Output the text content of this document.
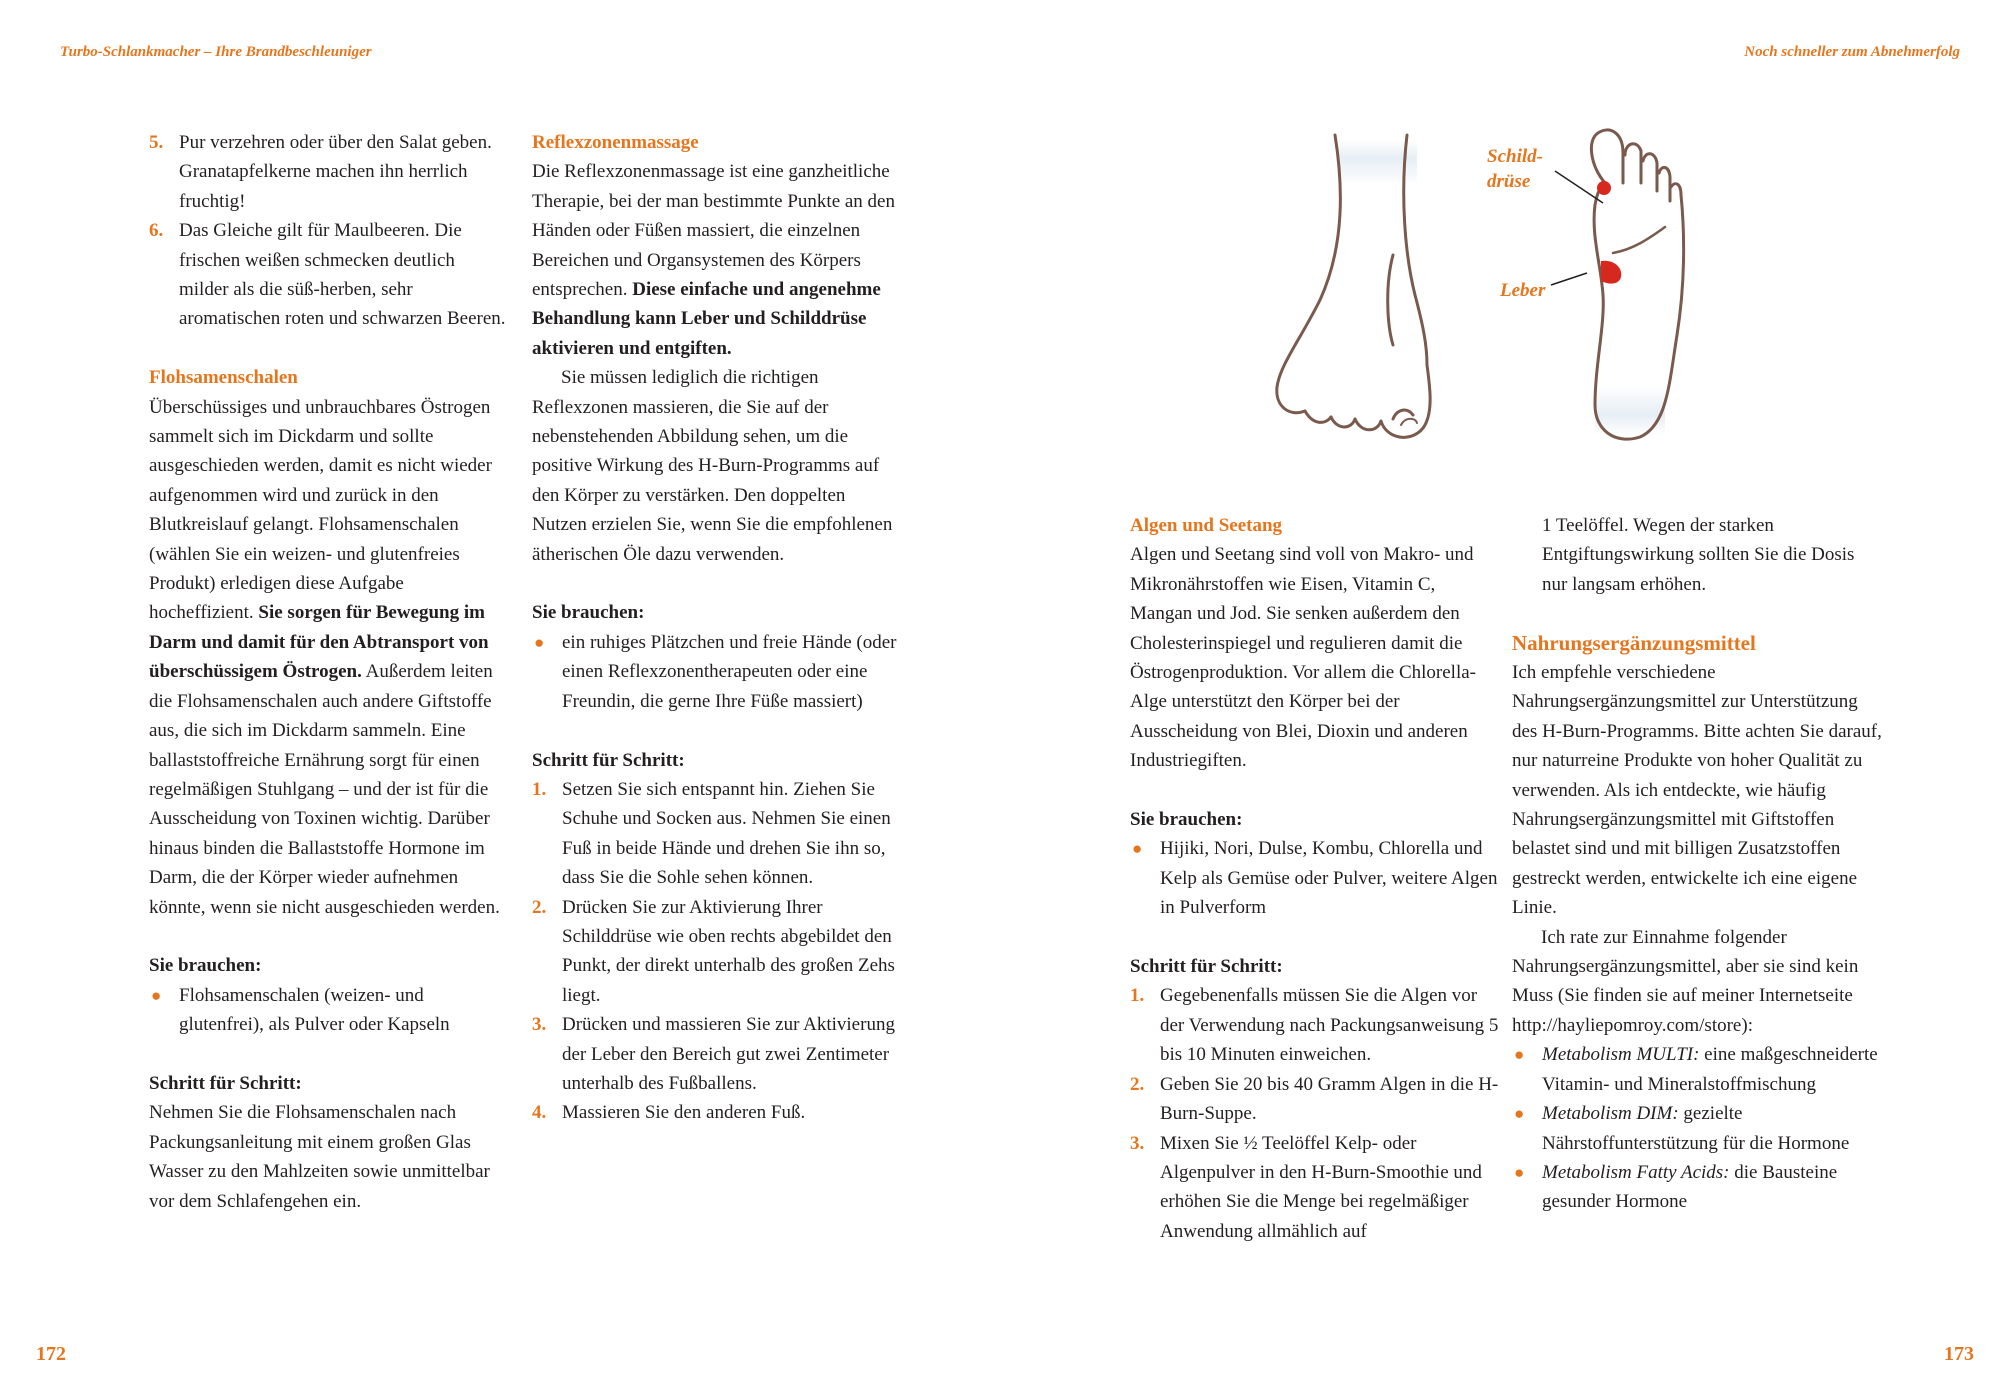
Turbo-Schlankmacher – Ihre Brandbeschleuniger	Noch schneller zum Abnehmerfolg
5. Pur verzehren oder über den Salat geben. Granatapfelkerne machen ihn herrlich fruchtig!
6. Das Gleiche gilt für Maulbeeren. Die frischen weißen schmecken deutlich milder als die süß-herben, sehr aromatischen roten und schwarzen Beeren.

Flohsamenschalen

Überschüssiges und unbrauchbares Östrogen sammelt sich im Dickdarm und sollte ausgeschieden werden, damit es nicht wieder aufgenommen wird und zurück in den Blutkreislauf gelangt. Flohsamenschalen (wählen Sie ein weizen- und glutenfreies Produkt) erledigen diese Aufgabe hocheffizient. Sie sorgen für Bewegung im Darm und damit für den Abtransport von überschüssigem Östrogen. Außerdem leiten die Flohsamenschalen auch andere Giftstoffe aus, die sich im Dickdarm sammeln. Eine ballaststoffreiche Ernährung sorgt für einen regelmäßigen Stuhlgang – und der ist für die Ausscheidung von Toxinen wichtig. Darüber hinaus binden die Ballaststoffe Hormone im Darm, die der Körper wieder aufnehmen könnte, wenn sie nicht ausgeschieden werden.

Sie brauchen:

● Flohsamenschalen (weizen- und glutenfrei), als Pulver oder Kapseln

Schritt für Schritt:

Nehmen Sie die Flohsamenschalen nach Packungsanleitung mit einem großen Glas Wasser zu den Mahlzeiten sowie unmittelbar vor dem Schlafengehen ein.

Reflexzonenmassage

Die Reflexzonenmassage ist eine ganzheitliche Therapie, bei der man bestimmte Punkte an den Händen oder Füßen massiert, die einzelnen Bereichen und Organsystemen des Körpers entsprechen. Diese einfache und angenehme Behandlung kann Leber und Schilddrüse aktivieren und entgiften.

Sie müssen lediglich die richtigen Reflexzonen massieren, die Sie auf der nebenstehenden Abbildung sehen, um die positive Wirkung des H-Burn-Programms auf den Körper zu verstärken. Den doppelten Nutzen erzielen Sie, wenn Sie die empfohlenen ätherischen Öle dazu verwenden.

Sie brauchen:

● ein ruhiges Plätzchen und freie Hände (oder einen Reflexzonentherapeuten oder eine Freundin, die gerne Ihre Füße massiert)

Schritt für Schritt:

1. Setzen Sie sich entspannt hin. Ziehen Sie Schuhe und Socken aus. Nehmen Sie einen Fuß in beide Hände und drehen Sie ihn so, dass Sie die Sohle sehen können.
2. Drücken Sie zur Aktivierung Ihrer Schilddrüse wie oben rechts abgebildet den Punkt, der direkt unterhalb des großen Zehs liegt.
3. Drücken und massieren Sie zur Aktivierung der Leber den Bereich gut zwei Zentimeter unterhalb des Fußballens.
4. Massieren Sie den anderen Fuß.
Schild-
drüse
Leber

Algen und Seetang

Algen und Seetang sind voll von Makro- und Mikronährstoffen wie Eisen, Vitamin C, Mangan und Jod. Sie senken außerdem den Cholesterinspiegel und regulieren damit die Östrogenproduktion. Vor allem die Chlorella-Alge unterstützt den Körper bei der Ausscheidung von Blei, Dioxin und anderen Industriegiften.

Sie brauchen:

● Hijiki, Nori, Dulse, Kombu, Chlorella und Kelp als Gemüse oder Pulver, weitere Algen in Pulverform

Schritt für Schritt:

1. Gegebenenfalls müssen Sie die Algen vor der Verwendung nach Packungsanweisung 5 bis 10 Minuten einweichen.
2. Geben Sie 20 bis 40 Gramm Algen in die H-Burn-Suppe.
3. Mixen Sie ½ Teelöffel Kelp- oder Algenpulver in den H-Burn-Smoothie und erhöhen Sie die Menge bei regelmäßiger Anwendung allmählich auf

1 Teelöffel. Wegen der starken Entgiftungswirkung sollten Sie die Dosis nur langsam erhöhen.

Nahrungsergänzungsmittel

Ich empfehle verschiedene Nahrungsergänzungsmittel zur Unterstützung des H-Burn-Programms. Bitte achten Sie darauf, nur naturreine Produkte von hoher Qualität zu verwenden. Als ich entdeckte, wie häufig Nahrungsergänzungsmittel mit Giftstoffen belastet sind und mit billigen Zusatzstoffen gestreckt werden, entwickelte ich eine eigene Linie.

Ich rate zur Einnahme folgender Nahrungsergänzungsmittel, aber sie sind kein Muss (Sie finden sie auf meiner Internetseite http://hayliepomroy.com/store):

● Metabolism MULTI: eine maßgeschneiderte Vitamin- und Mineralstoffmischung
● Metabolism DIM: gezielte Nährstoffunterstützung für die Hormone
● Metabolism Fatty Acids: die Bausteine gesunder Hormone
172	173
